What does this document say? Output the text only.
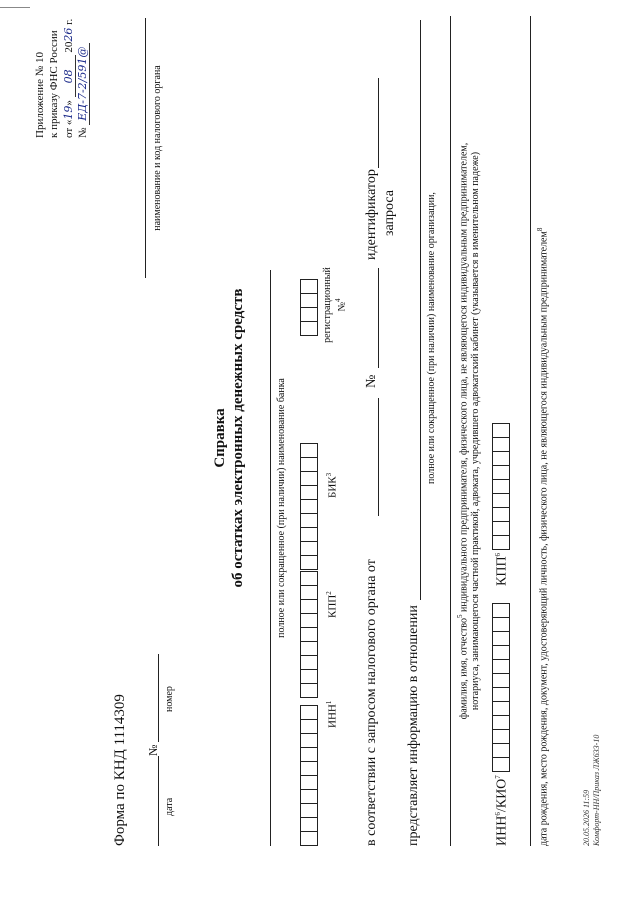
Приложение № 10 к приказу ФНС России от «19» 08 2026 г.
№ ЕД-7-2/591@	наименование и код налогового органа
Форма по КНД 1114309 №
дата
номер
Справка об остатках электронных денежных средств	полное или сокращенное (при наличии) наименование банка
ИНН$^1$
КПП$^2$
БИК$^3$
регистрационный №$^4$
в соответствии с запросом налогового органа от
№
идентификатор запроса
представляет информацию в отношении
полное или сокращенное (при наличии) наименование организации,
фамилия, имя, отчество$^5$ индивидуального предпринимателя, физического лица, не являющегося индивидуальным предпринимателем, нотариуса, занимающегося частной практикой, адвоката, учредившего адвокатский кабинет (указывается в именительном падеже)
ИНН$^6$/КИО$^7$
КПП$^6$	дата рождения, место рождения, документ, удостоверяющий личность, физического лица, не являющегося индивидуальным предпринимателем$^8$
20.05.2026 11:59 Комфорт-НН/Приказ ЛЖ633-10
